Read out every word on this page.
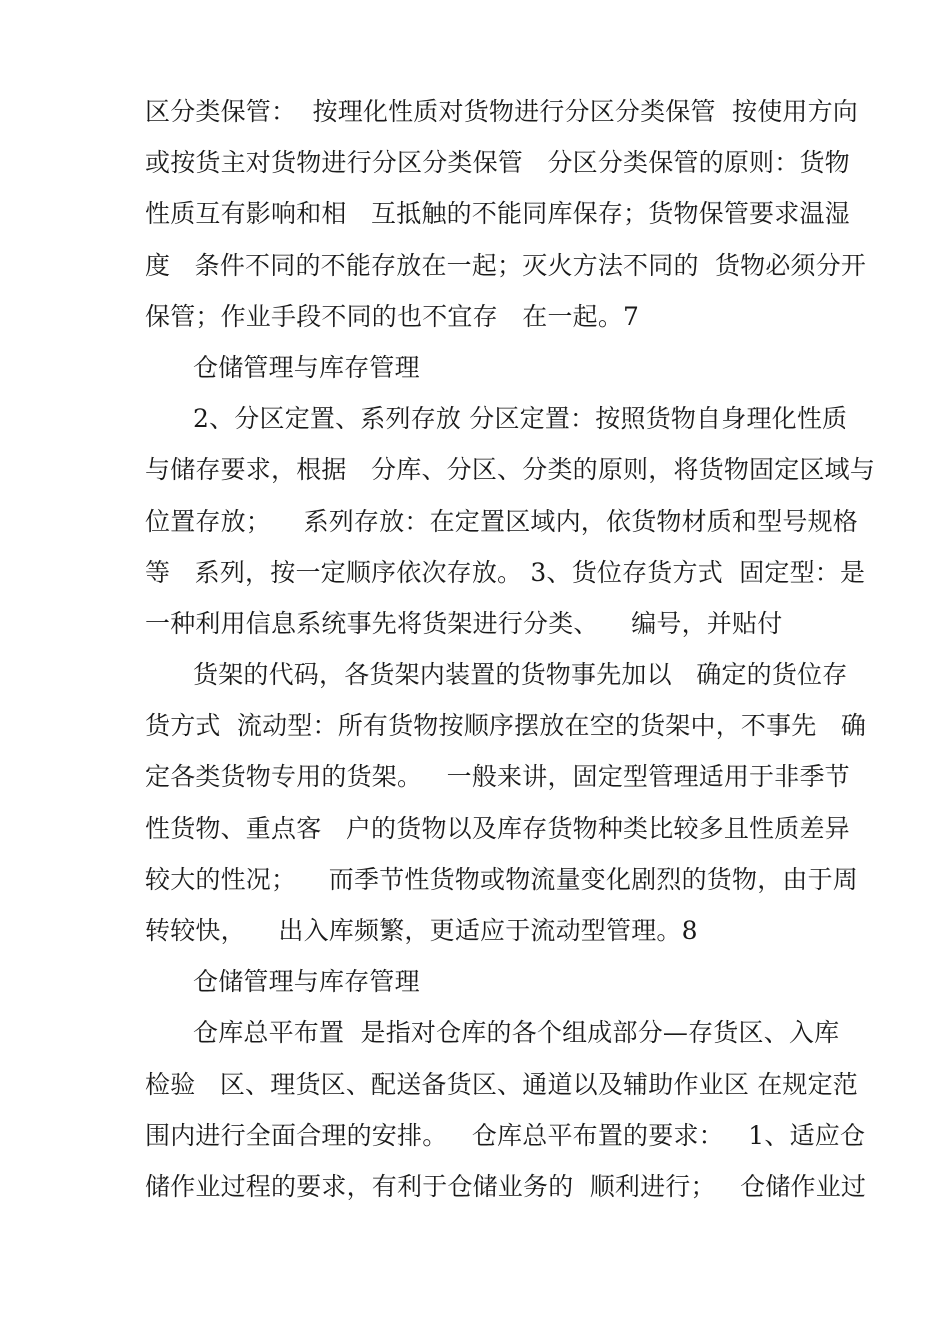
区分类保管：  按理化性质对货物进行分区分类保管  按使用方向
或按货主对货物进行分区分类保管   分区分类保管的原则：货物
性质互有影响和相   互抵触的不能同库保存；货物保管要求温湿
度   条件不同的不能存放在一起；灭火方法不同的  货物必须分开
保管；作业手段不同的也不宜存   在一起。7
仓储管理与库存管理
2、分区定置、系列存放 分区定置：按照货物自身理化性质
与储存要求，根据   分库、分区、分类的原则，将货物固定区域与
位置存放；    系列存放：在定置区域内，依货物材质和型号规格
等   系列，按一定顺序依次存放。 3、货位存货方式  固定型：是
一种利用信息系统事先将货架进行分类、    编号，并贴付
货架的代码，各货架内装置的货物事先加以   确定的货位存
货方式  流动型：所有货物按顺序摆放在空的货架中，不事先   确
定各类货物专用的货架。   一般来讲，固定型管理适用于非季节
性货物、重点客   户的货物以及库存货物种类比较多且性质差异
较大的性况；    而季节性货物或物流量变化剧烈的货物，由于周
转较快，    出入库频繁，更适应于流动型管理。8
仓储管理与库存管理
仓库总平布置  是指对仓库的各个组成部分—存货区、入库
检验   区、理货区、配送备货区、通道以及辅助作业区 在规定范
围内进行全面合理的安排。   仓库总平布置的要求：   1、适应仓
储作业过程的要求，有利于仓储业务的  顺利进行；   仓储作业过
